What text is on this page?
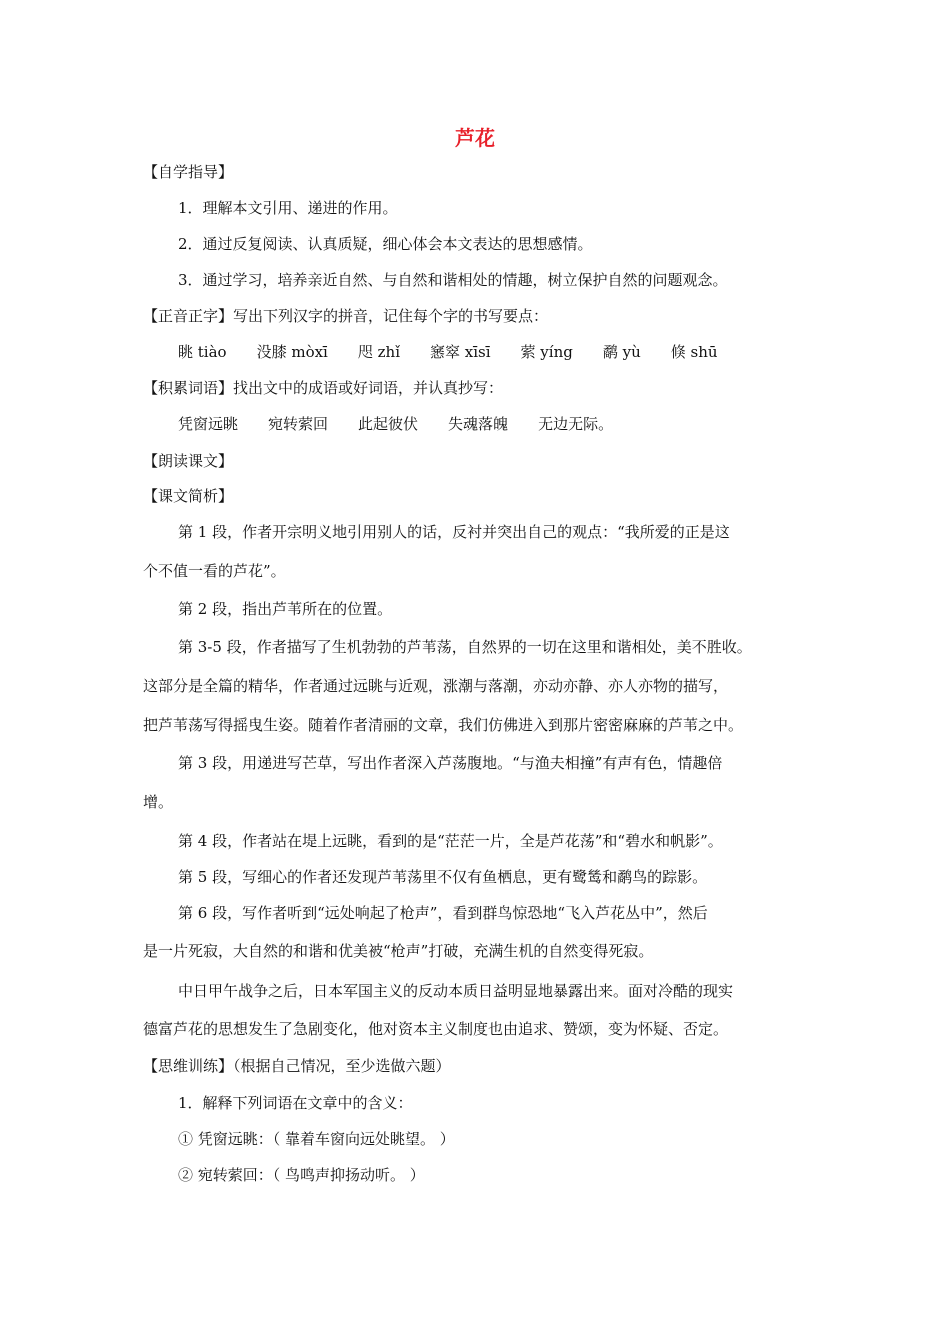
芦花
【自学指导】
1．理解本文引用、递进的作用。
2．通过反复阅读、认真质疑，细心体会本文表达的思想感情。
3．通过学习，培养亲近自然、与自然和谐相处的情趣，树立保护自然的问题观念。
【正音正字】写出下列汉字的拼音，记住每个字的书写要点：
眺 tiào 没膝 mòxī 咫 zhǐ 窸窣 xīsī 萦 yíng 鹬 yù 倏 shū
【积累词语】找出文中的成语或好词语，并认真抄写：
凭窗远眺 宛转萦回 此起彼伏 失魂落魄 无边无际。
【朗读课文】
【课文简析】
第 1 段，作者开宗明义地引用别人的话，反衬并突出自己的观点：“我所爱的正是这
个不值一看的芦花”。
第 2 段，指出芦苇所在的位置。
第 3-5 段，作者描写了生机勃勃的芦苇荡，自然界的一切在这里和谐相处，美不胜收。
这部分是全篇的精华，作者通过远眺与近观，涨潮与落潮，亦动亦静、亦人亦物的描写，
把芦苇荡写得摇曳生姿。随着作者清丽的文章，我们仿佛进入到那片密密麻麻的芦苇之中。
第 3 段，用递进写芒草，写出作者深入芦荡腹地。“与渔夫相撞”有声有色，情趣倍
增。
第 4 段，作者站在堤上远眺，看到的是“茫茫一片，全是芦花荡”和“碧水和帆影”。
第 5 段，写细心的作者还发现芦苇荡里不仅有鱼栖息，更有鹭鸶和鹬鸟的踪影。
第 6 段，写作者听到“远处响起了枪声”，看到群鸟惊恐地“飞入芦花丛中”，然后
是一片死寂，大自然的和谐和优美被“枪声”打破，充满生机的自然变得死寂。
中日甲午战争之后，日本军国主义的反动本质日益明显地暴露出来。面对冷酷的现实
德富芦花的思想发生了急剧变化，他对资本主义制度也由追求、赞颂，变为怀疑、否定。
【思维训练】（根据自己情况，至少选做六题）
1．解释下列词语在文章中的含义：
① 凭窗远眺：（ 靠着车窗向远处眺望。 ）
② 宛转萦回：（ 鸟鸣声抑扬动听。 ）
